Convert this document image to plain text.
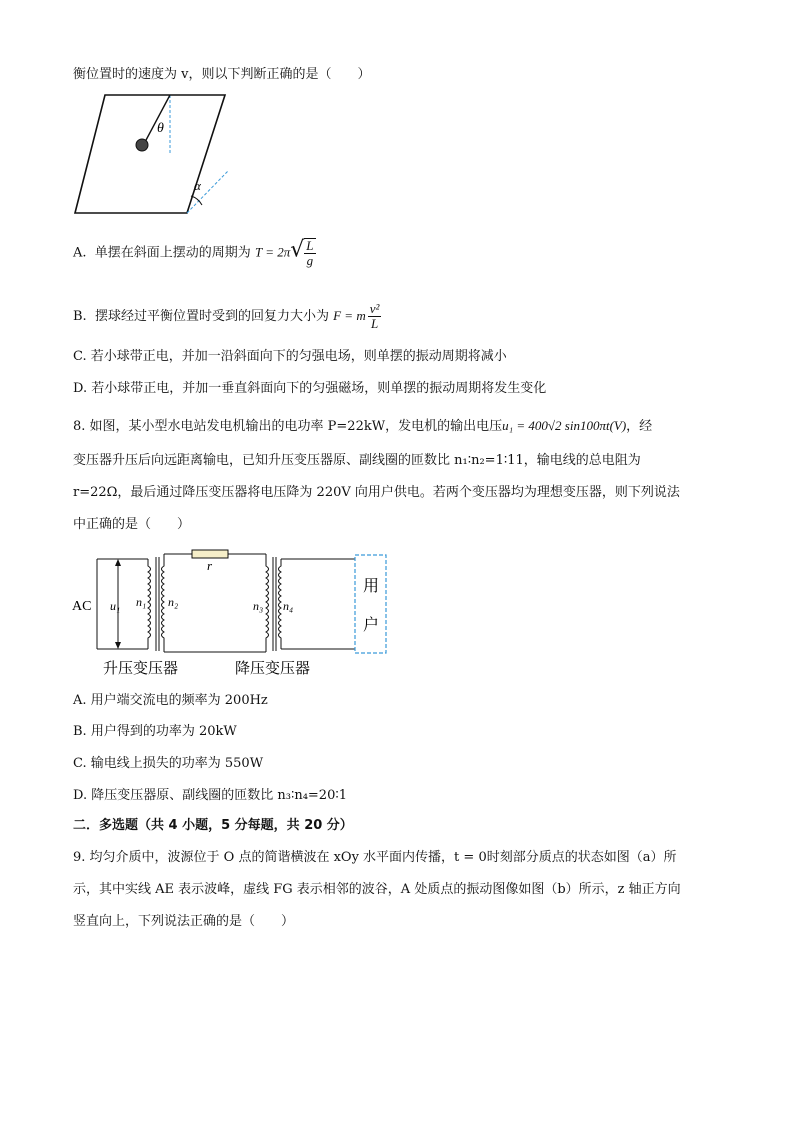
衡位置时的速度为 v，则以下判断正确的是（　　）
θ
α
A. 单摆在斜面上摆动的周期为 $T = 2\pi√ \frac{L}{g}$
B. 摆球经过平衡位置时受到的回复力大小为 F = m $\frac{\text{v²}}{L}$
C. 若小球带正电，并加一沿斜面向下的匀强电场，则单摆的振动周期将减小
D. 若小球带正电，并加一垂直斜面向下的匀强磁场，则单摆的振动周期将发生变化
8. 如图，某小型水电站发电机输出的电功率 P=22kW，发电机的输出电压u₁ = 400√2 sin100πt(V)，经
变压器升压后向远距离输电，已知升压变压器原、副线圈的匝数比 n₁∶n₂=1∶11，输电线的总电阻为
r=22Ω，最后通过降压变压器将电压降为 220V 向用户供电。若两个变压器均为理想变压器，则下列说法
中正确的是（　　）
AC u₁ n₁ n₂
r
n₃ n₄
用
户
升压变压器	降压变压器
A. 用户端交流电的频率为 200Hz
B. 用户得到的功率为 20kW
C. 输电线上损失的功率为 550W
D. 降压变压器原、副线圈的匝数比 n₃∶n₄=20∶1
二．多选题（共 4 小题，5 分每题，共 20 分）
9. 均匀介质中，波源位于 O 点的简谐横波在 xOy 水平面内传播，t = 0时刻部分质点的状态如图（a）所
示，其中实线 AE 表示波峰，虚线 FG 表示相邻的波谷，A 处质点的振动图像如图（b）所示，z 轴正方向
竖直向上，下列说法正确的是（　　）
